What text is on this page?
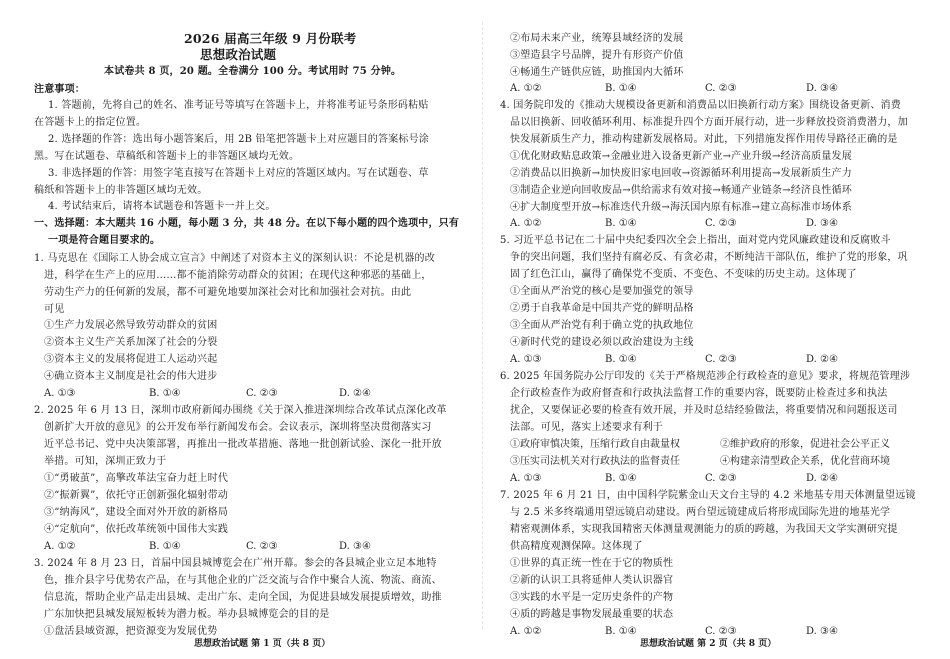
2026 届高三年级 9 月份联考
思想政治试题
本试卷共 8 页，20 题。全卷满分 100 分。考试用时 75 分钟。
注意事项：
1. 答题前，先将自己的姓名、准考证号等填写在答题卡上，并将准考证号条形码粘贴
在答题卡上的指定位置。
2. 选择题的作答：选出每小题答案后，用 2B 铅笔把答题卡上对应题目的答案标号涂
黑。写在试题卷、草稿纸和答题卡上的非答题区域均无效。
3. 非选择题的作答：用签字笔直接写在答题卡上对应的答题区域内。写在试题卷、草
稿纸和答题卡上的非答题区域均无效。
4. 考试结束后，请将本试题卷和答题卡一并上交。
一、选择题：本大题共 16 小题，每小题 3 分，共 48 分。在以下每小题的四个选项中，只有
一项是符合题目要求的。
1. 马克思在《国际工人协会成立宣言》中阐述了对资本主义的深刻认识：不论是机器的改
进，科学在生产上的应用……都不能消除劳动群众的贫困；在现代这种邪恶的基础上，
劳动生产力的任何新的发展，都不可避免地要加深社会对比和加强社会对抗。由此
可见
①生产力发展必然导致劳动群众的贫困
②资本主义生产关系加深了社会的分裂
③资本主义的发展将促进工人运动兴起
④确立资本主义制度是社会的伟大进步
A. ①③	B. ①④	C. ②③	D. ②④
2. 2025 年 6 月 13 日，深圳市政府新闻办围绕《关于深入推进深圳综合改革试点深化改革
创新扩大开放的意见》的公开发布举行新闻发布会。会议表示，深圳将坚决贯彻落实习
近平总书记、党中央决策部署，再推出一批改革措施、落地一批创新试验、深化一批开放
举措。可知，深圳正致力于
①“勇破茧”，高擎改革法宝奋力赶上时代
②“振新翼”，依托守正创新强化辐射带动
③“纳海风”，建设全面对外开放的新格局
④“定航向”，依托改革统领中国伟大实践
A. ①②	B. ①④	C. ②③	D. ③④
3. 2024 年 8 月 23 日，首届中国县城博览会在广州开幕。参会的各县城企业立足本地特
色，推介县字号优势农产品，在与其他企业的广泛交流与合作中聚合人流、物流、商流、
信息流，帮助企业产品走出县城、走出广东、走向全国，为促进县域发展提质增效，助推
广东加快把县城发展短板转为潜力板。举办县城博览会的目的是
①盘活县域资源，把资源变为发展优势
思想政治试题 第 1 页（共 8 页）
②布局未来产业，统筹县域经济的发展
③塑造县字号品牌，提升有形资产价值
④畅通生产链供应链，助推国内大循环
A. ①②	B. ①④	C. ②③	D. ③④
4. 国务院印发的《推动大规模设备更新和消费品以旧换新行动方案》围绕设备更新、消费
品以旧换新、回收循环利用、标准提升四个方面开展行动，进一步释放投资消费潜力，加
快发展新质生产力，推动构建新发展格局。对此，下列措施发挥作用传导路径正确的是
①优化财政贴息政策→金融业进入设备更新产业→产业升级→经济高质量发展
②消费品以旧换新→加快废旧家电回收→资源循环利用提高→发展新质生产力
③制造企业逆向回收废品→供给需求有效对接→畅通产业链条→经济良性循环
④扩大制度型开放→标准迭代升级→海沃国内原有标准→建立高标准市场体系
A. ①②	B. ①④	C. ②③	D. ③④
5. 习近平总书记在二十届中央纪委四次全会上指出，面对党内党风廉政建设和反腐败斗
争的突出问题，我们坚持有腐必反、有贪必肃，不断纯洁干部队伍，维护了党的形象，巩
固了红色江山，赢得了确保党不变质、不变色、不变味的历史主动。这体现了
①全面从严治党的核心是要加强党的领导
②勇于自我革命是中国共产党的鲜明品格
③全面从严治党有利于确立党的执政地位
④新时代党的建设必须以政治建设为主线
A. ①③	B. ①④	C. ②③	D. ②④
6. 2025 年国务院办公厅印发的《关于严格规范涉企行政检查的意见》要求，将规范管理涉
企行政检查作为政府督查和行政执法监督工作的重要内容，既要防止检查过多和执法
扰企，又要保证必要的检查有效开展，并及时总结经验做法，将重要情况和问题报送司
法部。可见，落实上述要求有利于
①政府审慎决策，压缩行政自由裁量权	②维护政府的形象，促进社会公平正义
③压实司法机关对行政执法的监督责任	④构建亲清型政企关系，优化营商环境
A. ①③	B. ①④	C. ②③	D. ②④
7. 2025 年 6 月 21 日，由中国科学院紫金山天文台主导的 4.2 米地基专用天体测量望远镜
与 2.5 米多终端通用望远镜启动建设。两台望远镜建成后将形成国际先进的地基光学
精密观测体系，实现我国精密天体测量观测能力的质的跨越，为我国天文学实测研究提
供高精度观测保障。这体现了
①世界的真正统一性在于它的物质性
②新的认识工具将延伸人类认识器官
③实践的水平是一定历史条件的产物
④质的跨越是事物发展最重要的状态
A. ①②	B. ①④	C. ②③	D. ③④
思想政治试题 第 2 页（共 8 页）
